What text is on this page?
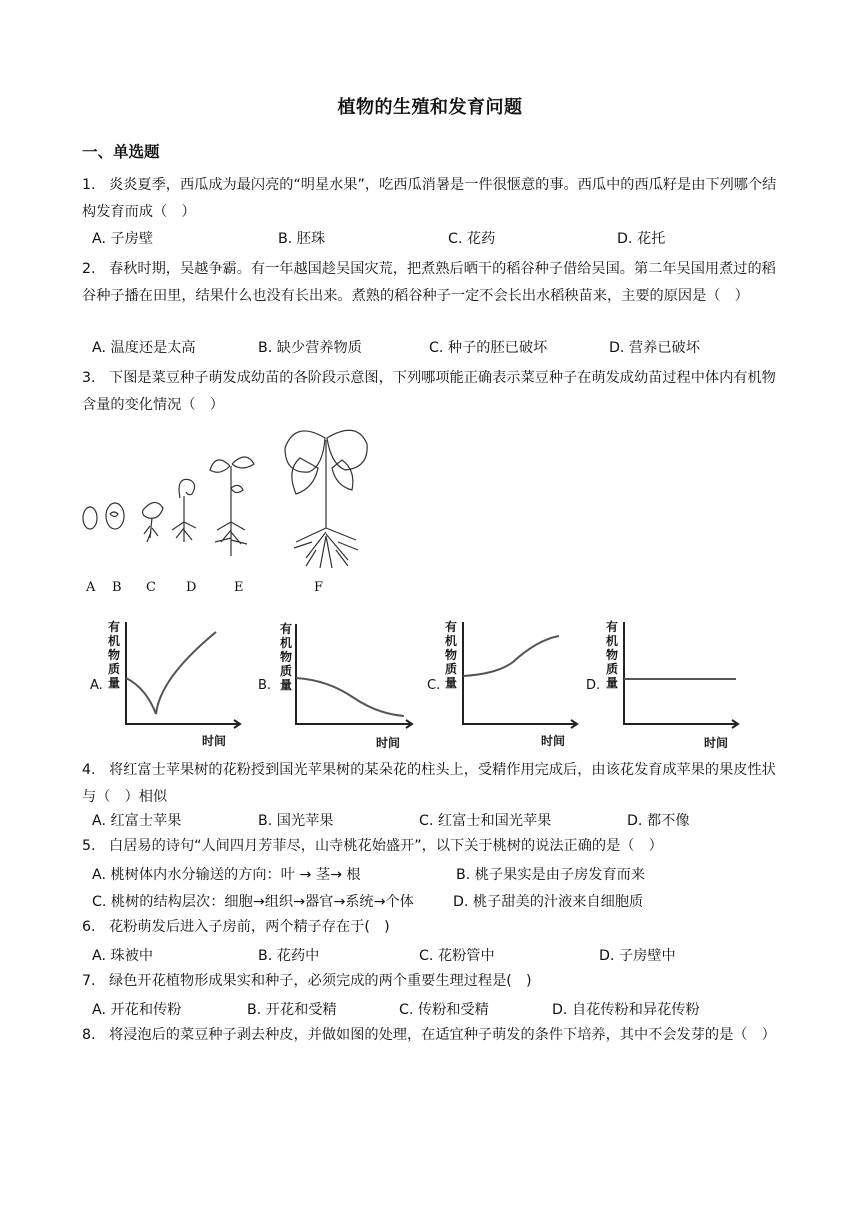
植物的生殖和发育问题
一、单选题
1. 炎炎夏季，西瓜成为最闪亮的“明星水果”，吃西瓜消暑是一件很惬意的事。西瓜中的西瓜籽是由下列哪个结构发育而成（　）
A. 子房壁	B. 胚珠	C. 花药	D. 花托
2. 春秋时期，吴越争霸。有一年越国趁吴国灾荒，把煮熟后晒干的稻谷种子借给吴国。第二年吴国用煮过的稻谷种子播在田里，结果什么也没有长出来。煮熟的稻谷种子一定不会长出水稻秧苗来，主要的原因是（　）
A. 温度还是太高	B. 缺少营养物质	C. 种子的胚已破坏	D. 营养已破坏
3. 下图是菜豆种子萌发成幼苗的各阶段示意图，下列哪项能正确表示菜豆种子在萌发成幼苗过程中体内有机物含量的变化情况（　）
A B C D	E	F
A.
有机物质量
时间
B.
有机物质量
时间
C.
有机物质量
时间
D.
有机物质量
时间
4. 将红富士苹果树的花粉授到国光苹果树的某朵花的柱头上，受精作用完成后，由该花发育成苹果的果皮性状与（　）相似
A. 红富士苹果	B. 国光苹果	C. 红富士和国光苹果	D. 都不像
5. 白居易的诗句“人间四月芳菲尽，山寺桃花始盛开”，以下关于桃树的说法正确的是（　）
A. 桃树体内水分输送的方向：叶 → 茎→ 根	B. 桃子果实是由子房发育而来
C. 桃树的结构层次：细胞→组织→器官→系统→个体	D. 桃子甜美的汁液来自细胞质
6. 花粉萌发后进入子房前，两个精子存在于(　)
A. 珠被中	B. 花药中	C. 花粉管中	D. 子房壁中
7. 绿色开花植物形成果实和种子，必须完成的两个重要生理过程是(　)
A. 开花和传粉	B. 开花和受精	C. 传粉和受精	D. 自花传粉和异花传粉
8. 将浸泡后的菜豆种子剥去种皮，并做如图的处理，在适宜种子萌发的条件下培养，其中不会发芽的是（　）
